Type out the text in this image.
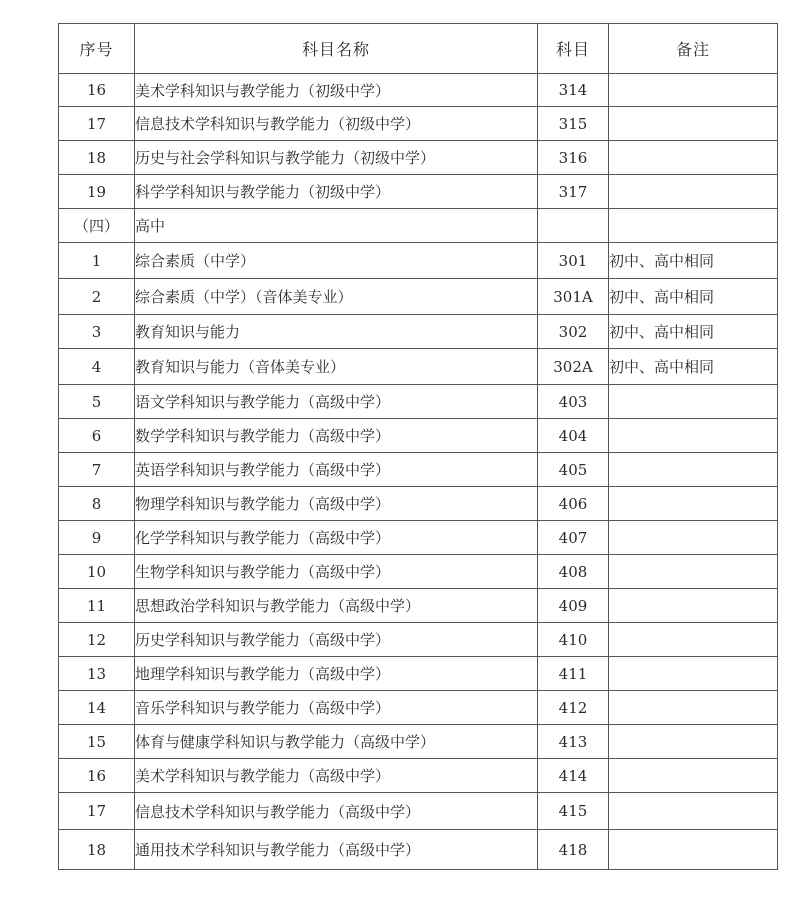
序号	科目名称	科目	备注
16	美术学科知识与教学能力（初级中学）	314	
17	信息技术学科知识与教学能力（初级中学）	315	
18	历史与社会学科知识与教学能力（初级中学）	316	
19	科学学科知识与教学能力（初级中学）	317	
（四）	高中		
1	综合素质（中学）	301	初中、高中相同
2	综合素质（中学）（音体美专业）	301A	初中、高中相同
3	教育知识与能力	302	初中、高中相同
4	教育知识与能力（音体美专业）	302A	初中、高中相同
5	语文学科知识与教学能力（高级中学）	403	
6	数学学科知识与教学能力（高级中学）	404	
7	英语学科知识与教学能力（高级中学）	405	
8	物理学科知识与教学能力（高级中学）	406	
9	化学学科知识与教学能力（高级中学）	407	
10	生物学科知识与教学能力（高级中学）	408	
11	思想政治学科知识与教学能力（高级中学）	409	
12	历史学科知识与教学能力（高级中学）	410	
13	地理学科知识与教学能力（高级中学）	411	
14	音乐学科知识与教学能力（高级中学）	412	
15	体育与健康学科知识与教学能力（高级中学）	413	
16	美术学科知识与教学能力（高级中学）	414	
17	信息技术学科知识与教学能力（高级中学）	415	
18	通用技术学科知识与教学能力（高级中学）	418	
